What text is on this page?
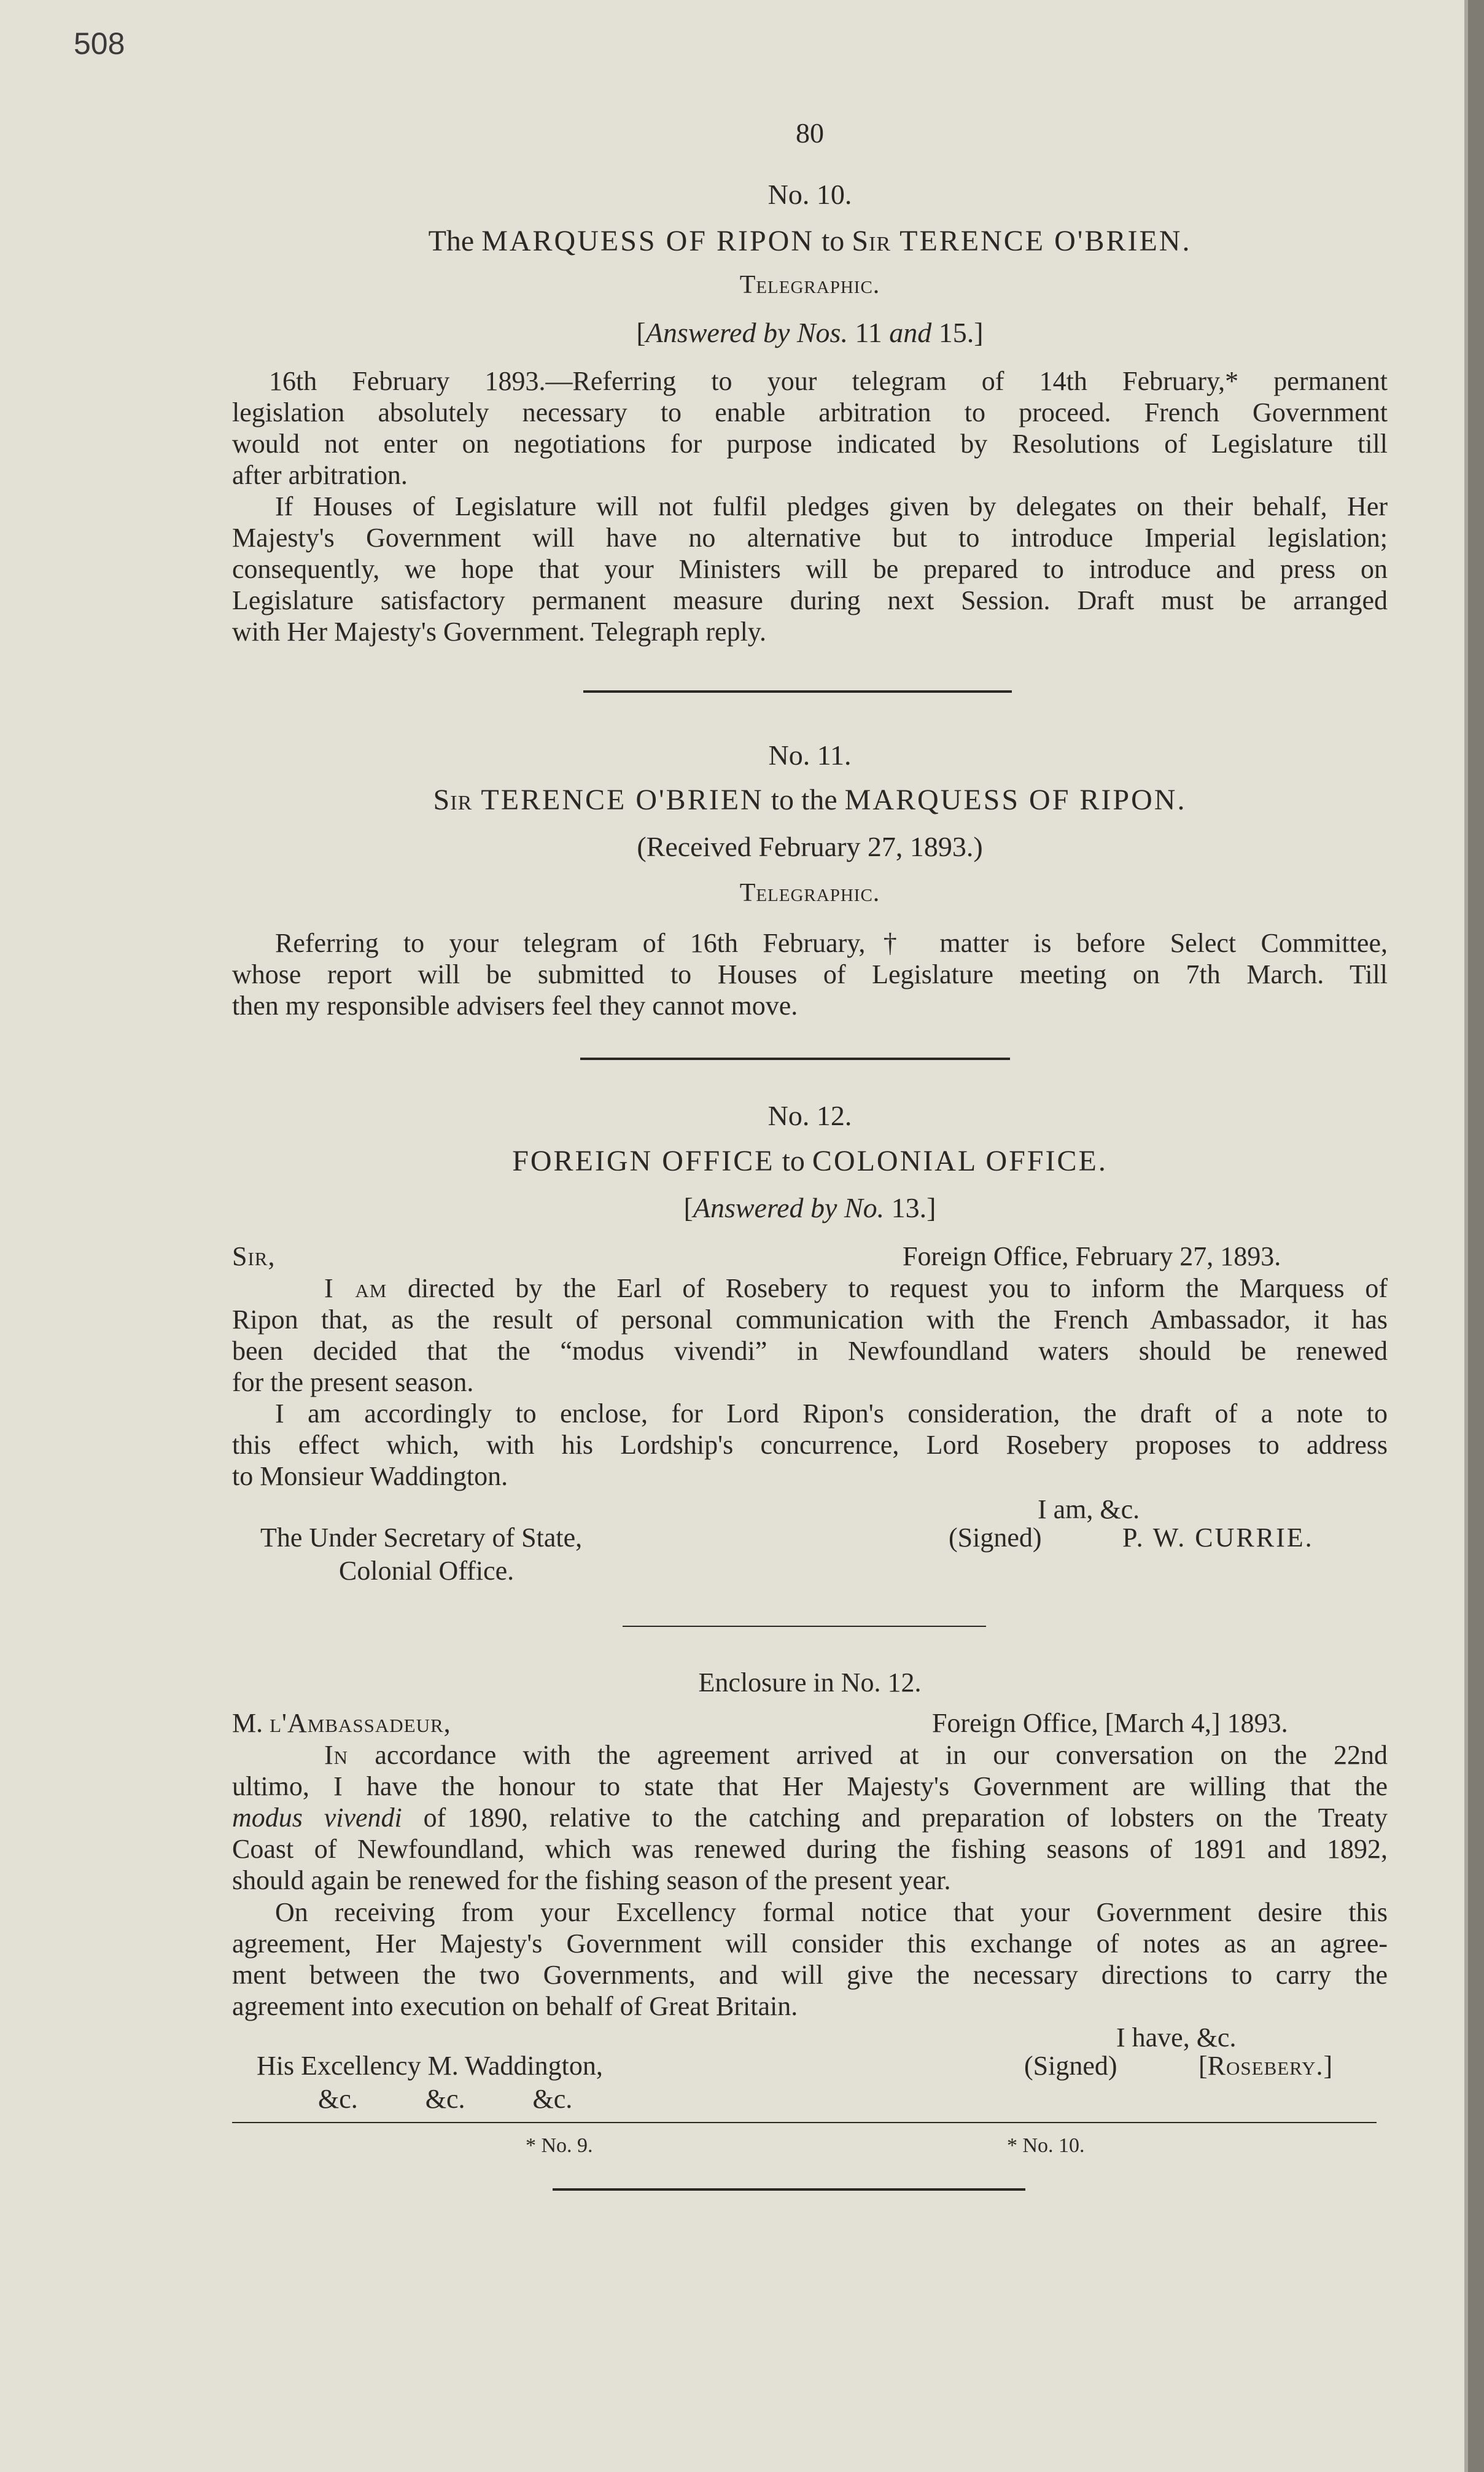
508
80
No. 10.
The MARQUESS OF RIPON to Sir TERENCE O'BRIEN.
Telegraphic.
[Answered by Nos. 11 and 15.]
16th February 1893.—Referring to your telegram of 14th February,* permanent
legislation absolutely necessary to enable arbitration to proceed. French Government
would not enter on negotiations for purpose indicated by Resolutions of Legislature till
after arbitration.
If Houses of Legislature will not fulfil pledges given by delegates on their behalf, Her
Majesty's Government will have no alternative but to introduce Imperial legislation;
consequently, we hope that your Ministers will be prepared to introduce and press on
Legislature satisfactory permanent measure during next Session. Draft must be arranged
with Her Majesty's Government. Telegraph reply.
No. 11.
Sir TERENCE O'BRIEN to the MARQUESS OF RIPON.
(Received February 27, 1893.)
Telegraphic.
Referring to your telegram of 16th February,† matter is before Select Committee,
whose report will be submitted to Houses of Legislature meeting on 7th March. Till
then my responsible advisers feel they cannot move.
No. 12.
FOREIGN OFFICE to COLONIAL OFFICE.
[Answered by No. 13.]
Sir,	Foreign Office, February 27, 1893.
I am directed by the Earl of Rosebery to request you to inform the Marquess of
Ripon that, as the result of personal communication with the French Ambassador, it has
been decided that the “modus vivendi” in Newfoundland waters should be renewed
for the present season.
I am accordingly to enclose, for Lord Ripon's consideration, the draft of a note to
this effect which, with his Lordship's concurrence, Lord Rosebery proposes to address
to Monsieur Waddington.
I am, &c.
(Signed)	P. W. CURRIE.
The Under Secretary of State,
Colonial Office.
Enclosure in No. 12.
M. l'Ambassadeur,	Foreign Office, [March 4,] 1893.
In accordance with the agreement arrived at in our conversation on the 22nd
ultimo, I have the honour to state that Her Majesty's Government are willing that the
modus vivendi of 1890, relative to the catching and preparation of lobsters on the Treaty
Coast of Newfoundland, which was renewed during the fishing seasons of 1891 and 1892,
should again be renewed for the fishing season of the present year.
On receiving from your Excellency formal notice that your Government desire this
agreement, Her Majesty's Government will consider this exchange of notes as an agree-
ment between the two Governments, and will give the necessary directions to carry the
agreement into execution on behalf of Great Britain.
I have, &c.
(Signed)	[Rosebery.]
His Excellency M. Waddington,
&c.          &c.          &c.
* No. 9.	* No. 10.
